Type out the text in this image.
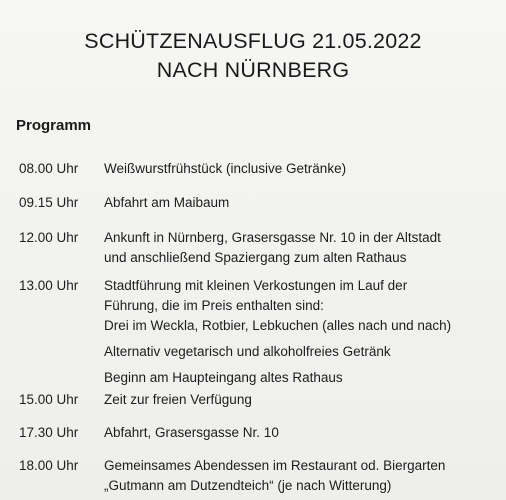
SCHÜTZENAUSFLUG 21.05.2022
NACH NÜRNBERG
Programm
08.00 Uhr Weißwurstfrühstück (inclusive Getränke)
09.15 Uhr Abfahrt am Maibaum
12.00 Uhr Ankunft in Nürnberg, Grasersgasse Nr. 10 in der Altstadt
und anschließend Spaziergang zum alten Rathaus
13.00 Uhr Stadtführung mit kleinen Verkostungen im Lauf der
Führung, die im Preis enthalten sind:
Drei im Weckla, Rotbier, Lebkuchen (alles nach und nach)
Alternativ vegetarisch und alkoholfreies Getränk
Beginn am Haupteingang altes Rathaus
15.00 Uhr Zeit zur freien Verfügung
17.30 Uhr Abfahrt, Grasersgasse Nr. 10
18.00 Uhr Gemeinsames Abendessen im Restaurant od. Biergarten
„Gutmann am Dutzendteich“ (je nach Witterung)
